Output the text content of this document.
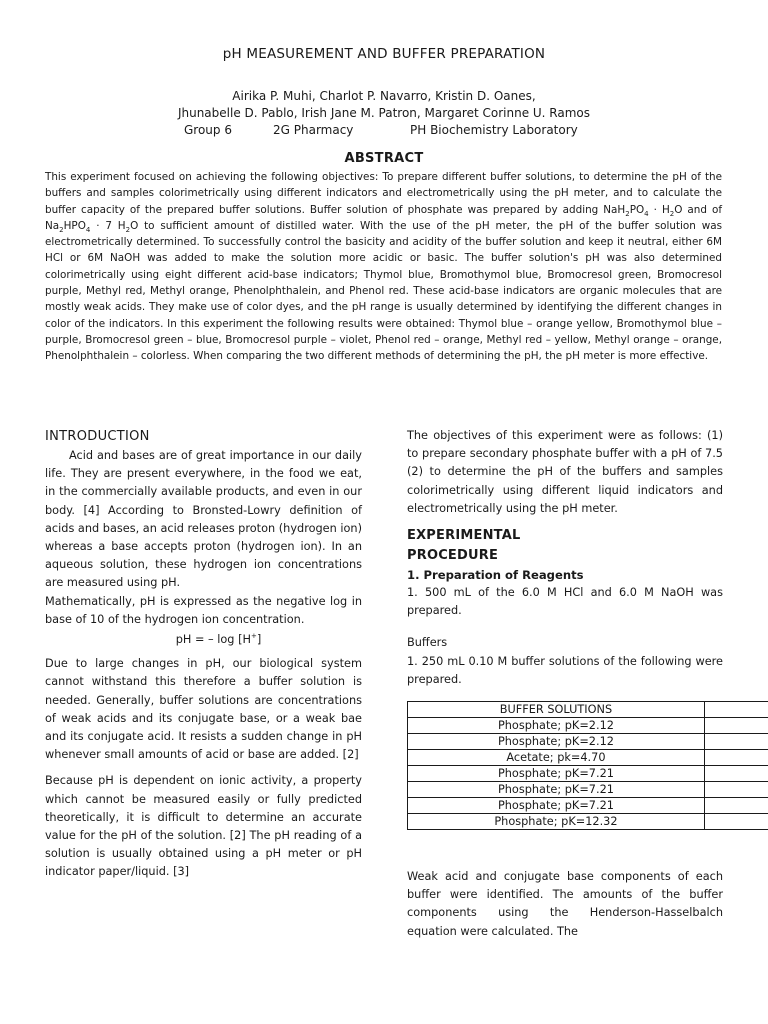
pH MEASUREMENT AND BUFFER PREPARATION
Airika P. Muhi, Charlot P. Navarro, Kristin D. Oanes,
Jhunabelle D. Pablo, Irish Jane M. Patron, Margaret Corinne U. Ramos
Group 6	2G Pharmacy	PH Biochemistry Laboratory
ABSTRACT
This experiment focused on achieving the following objectives: To prepare different buffer solutions, to determine the pH of the buffers and samples colorimetrically using different indicators and electrometrically using the pH meter, and to calculate the buffer capacity of the prepared buffer solutions. Buffer solution of phosphate was prepared by adding $NaH_2PO_4 \cdot H_2O$ and of $Na_2HPO_4 \cdot 7$ $H_2O$ to sufficient amount of distilled water. With the use of the pH meter, the pH of the buffer solution was electrometrically determined. To successfully control the basicity and acidity of the buffer solution and keep it neutral, either 6M HCl or 6M NaOH was added to make the solution more acidic or basic. The buffer solution's pH was also determined colorimetrically using eight different acid-base indicators; Thymol blue, Bromothymol blue, Bromocresol green, Bromocresol purple, Methyl red, Methyl orange, Phenolphthalein, and Phenol red. These acid-base indicators are organic molecules that are mostly weak acids. They make use of color dyes, and the pH range is usually determined by identifying the different changes in color of the indicators. In this experiment the following results were obtained: Thymol blue – orange yellow, Bromothymol blue – purple, Bromocresol green – blue, Bromocresol purple – violet, Phenol red – orange, Methyl red – yellow, Methyl orange – orange, Phenolphthalein – colorless. When comparing the two different methods of determining the pH, the pH meter is more effective.
INTRODUCTION

Acid and bases are of great importance in our daily life. They are present everywhere, in the food we eat, in the commercially available products, and even in our body. [4] According to Bronsted-Lowry definition of acids and bases, an acid releases proton (hydrogen ion) whereas a base accepts proton (hydrogen ion). In an aqueous solution, these hydrogen ion concentrations are measured using pH.

Mathematically, pH is expressed as the negative log in base of 10 of the hydrogen ion concentration.

pH = – log [H+]

Due to large changes in pH, our biological system cannot withstand this therefore a buffer solution is needed. Generally, buffer solutions are concentrations of weak acids and its conjugate base, or a weak bae and its conjugate acid. It resists a sudden change in pH whenever small amounts of acid or base are added. [2]

Because pH is dependent on ionic activity, a property which cannot be measured easily or fully predicted theoretically, it is difficult to determine an accurate value for the pH of the solution. [2] The pH reading of a solution is usually obtained using a pH meter or pH indicator paper/liquid. [3]

The objectives of this experiment were as follows: (1) to prepare secondary phosphate buffer with a pH of 7.5 (2) to determine the pH of the buffers and samples colorimetrically using different liquid indicators and electrometrically using the pH meter.

EXPERIMENTAL
PROCEDURE
1. Preparation of Reagents

1. 500 mL of the 6.0 M HCl and 6.0 M NaOH was prepared.

Buffers

1. 250 mL 0.10 M buffer solutions of the following were prepared.

BUFFER SOLUTIONS	
Phosphate; pK=2.12	
Phosphate; pK=2.12	
Acetate; pk=4.70	
Phosphate; pK=7.21	
Phosphate; pK=7.21	
Phosphate; pK=7.21	
Phosphate; pK=12.32	

Weak acid and conjugate base components of each buffer were identified. The amounts of the buffer components using the Henderson-Hasselbalch equation were calculated. The
